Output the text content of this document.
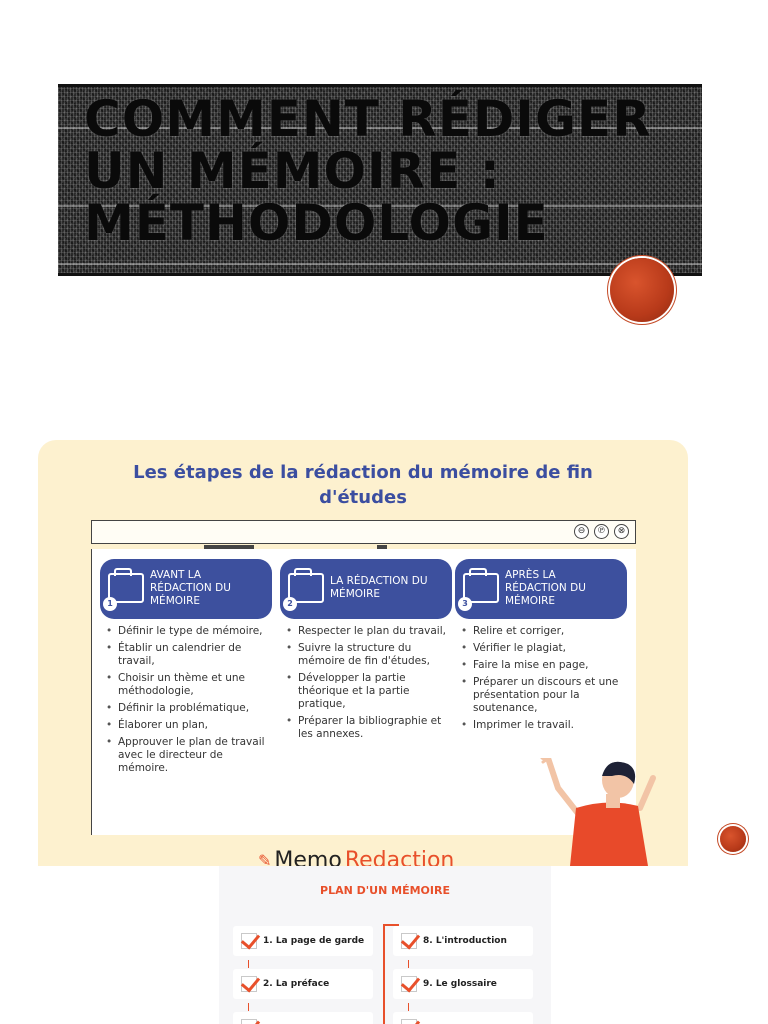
COMMENT RÉDIGER
UN MÉMOIRE :
MÉTHODOLOGIE
Les étapes de la rédaction du mémoire de fin d'études
⊖	℗	⊗
1
AVANT LA RÉDACTION DU MÉMOIRE
• Définir le type de mémoire,
• Établir un calendrier de travail,
• Choisir un thème et une méthodologie,
• Définir la problématique,
• Élaborer un plan,
• Approuver le plan de travail avec le directeur de mémoire.
2
LA RÉDACTION DU MÉMOIRE
• Respecter le plan du travail,
• Suivre la structure du mémoire de fin d'études,
• Développer la partie théorique et la partie pratique,
• Préparer la bibliographie et les annexes.
3
APRÈS LA RÉDACTION DU MÉMOIRE
• Relire et corriger,
• Vérifier le plagiat,
• Faire la mise en page,
• Préparer un discours et une présentation pour la soutenance,
• Imprimer le travail.
✎ Memo Redaction
PLAN D'UN MÉMOIRE
1. La page de garde
2. La préface
8. L'introduction
9. Le glossaire
